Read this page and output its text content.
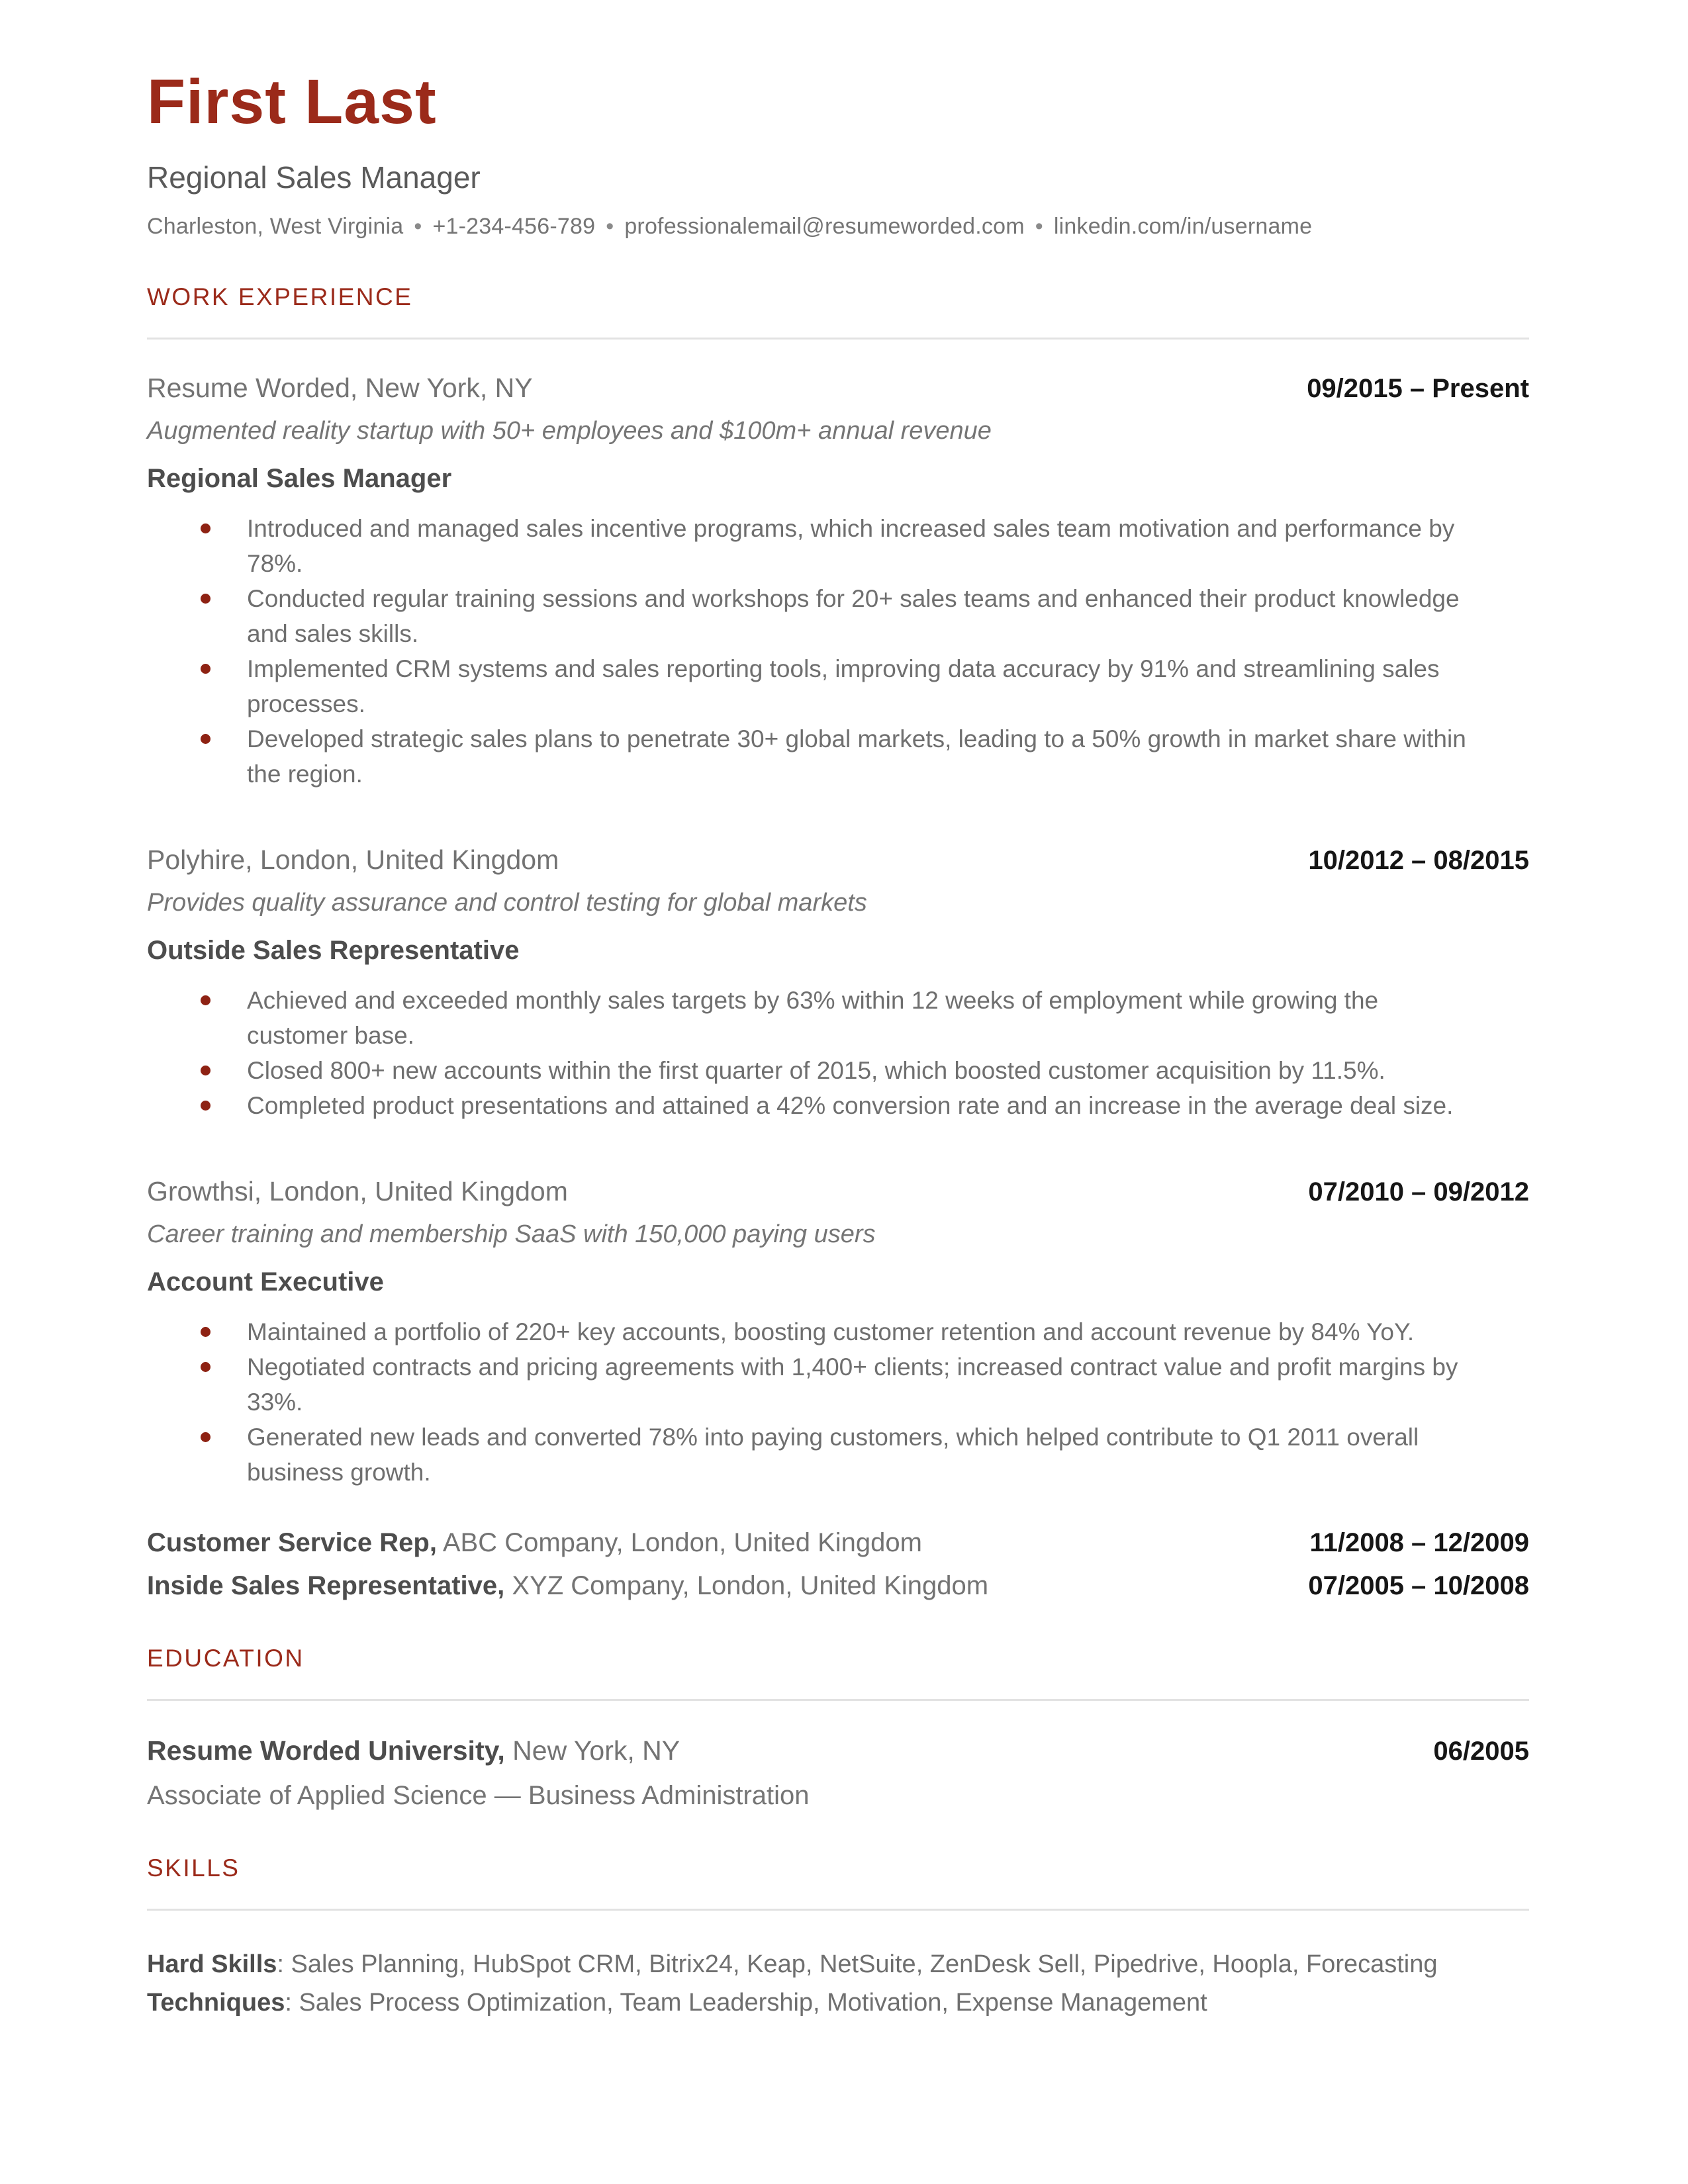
First Last
Regional Sales Manager
Charleston, West Virginia • +1-234-456-789 • professionalemail@resumeworded.com • linkedin.com/in/username
WORK EXPERIENCE
Resume Worded, New York, NY	09/2015 – Present
Augmented reality startup with 50+ employees and $100m+ annual revenue
Regional Sales Manager
Introduced and managed sales incentive programs, which increased sales team motivation and performance by 78%.
Conducted regular training sessions and workshops for 20+ sales teams and enhanced their product knowledge and sales skills.
Implemented CRM systems and sales reporting tools, improving data accuracy by 91% and streamlining sales processes.
Developed strategic sales plans to penetrate 30+ global markets, leading to a 50% growth in market share within the region.
Polyhire, London, United Kingdom	10/2012 – 08/2015
Provides quality assurance and control testing for global markets
Outside Sales Representative
Achieved and exceeded monthly sales targets by 63% within 12 weeks of employment while growing the customer base.
Closed 800+ new accounts within the first quarter of 2015, which boosted customer acquisition by 11.5%.
Completed product presentations and attained a 42% conversion rate and an increase in the average deal size.
Growthsi, London, United Kingdom	07/2010 – 09/2012
Career training and membership SaaS with 150,000 paying users
Account Executive
Maintained a portfolio of 220+ key accounts, boosting customer retention and account revenue by 84% YoY.
Negotiated contracts and pricing agreements with 1,400+ clients; increased contract value and profit margins by 33%.
Generated new leads and converted 78% into paying customers, which helped contribute to Q1 2011 overall business growth.
Customer Service Rep, ABC Company, London, United Kingdom	11/2008 – 12/2009
Inside Sales Representative, XYZ Company, London, United Kingdom	07/2005 – 10/2008
EDUCATION
Resume Worded University, New York, NY	06/2005
Associate of Applied Science — Business Administration
SKILLS
Hard Skills: Sales Planning, HubSpot CRM, Bitrix24, Keap, NetSuite, ZenDesk Sell, Pipedrive, Hoopla, Forecasting
Techniques: Sales Process Optimization, Team Leadership, Motivation, Expense Management
